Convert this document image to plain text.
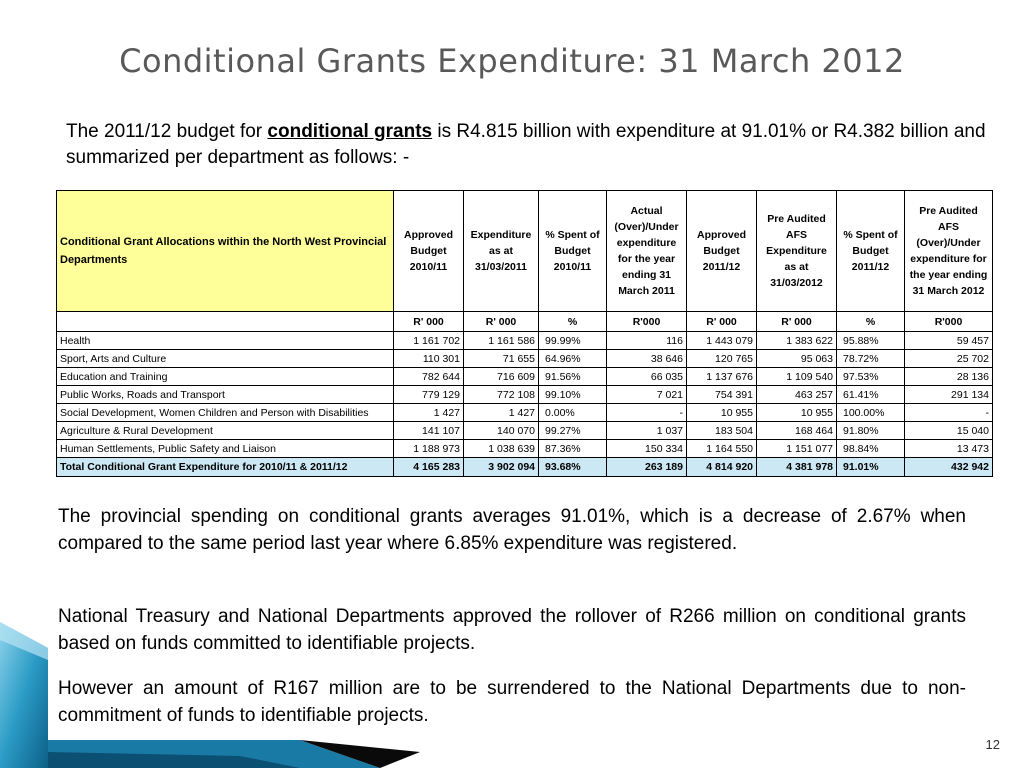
Conditional Grants Expenditure: 31 March 2012

The 2011/12 budget for conditional grants is R4.815 billion with expenditure at 91.01% or R4.382 billion and summarized per department as follows: -

Conditional Grant Allocations within the North West Provincial Departments	Approved Budget 2010/11	Expenditure as at 31/03/2011	% Spent of Budget 2010/11	Actual (Over)/Under expenditure for the year ending 31 March 2011	Approved Budget 2011/12	Pre Audited AFS Expenditure as at 31/03/2012	% Spent of Budget 2011/12	Pre Audited AFS (Over)/Under expenditure for the year ending 31 March 2012
	R' 000	R' 000	%	R'000	R' 000	R' 000	%	R'000
Health	1 161 702	1 161 586	99.99%	116	1 443 079	1 383 622	95.88%	59 457
Sport, Arts and Culture	110 301	71 655	64.96%	38 646	120 765	95 063	78.72%	25 702
Education and Training	782 644	716 609	91.56%	66 035	1 137 676	1 109 540	97.53%	28 136
Public Works, Roads and Transport	779 129	772 108	99.10%	7 021	754 391	463 257	61.41%	291 134
Social Development, Women Children and Person with Disabilities	1 427	1 427	0.00%	-	10 955	10 955	100.00%	-
Agriculture & Rural Development	141 107	140 070	99.27%	1 037	183 504	168 464	91.80%	15 040
Human Settlements, Public Safety and Liaison	1 188 973	1 038 639	87.36%	150 334	1 164 550	1 151 077	98.84%	13 473
Total Conditional Grant Expenditure for 2010/11 & 2011/12	4 165 283	3 902 094	93.68%	263 189	4 814 920	4 381 978	91.01%	432 942

The provincial spending on conditional grants averages 91.01%, which is a decrease of 2.67% when compared to the same period last year where 6.85% expenditure was registered.

National Treasury and National Departments approved the rollover of R266 million on conditional grants based on funds committed to identifiable projects.

However an amount of R167 million are to be surrendered to the National Departments due to non-commitment of funds to identifiable projects.

12
